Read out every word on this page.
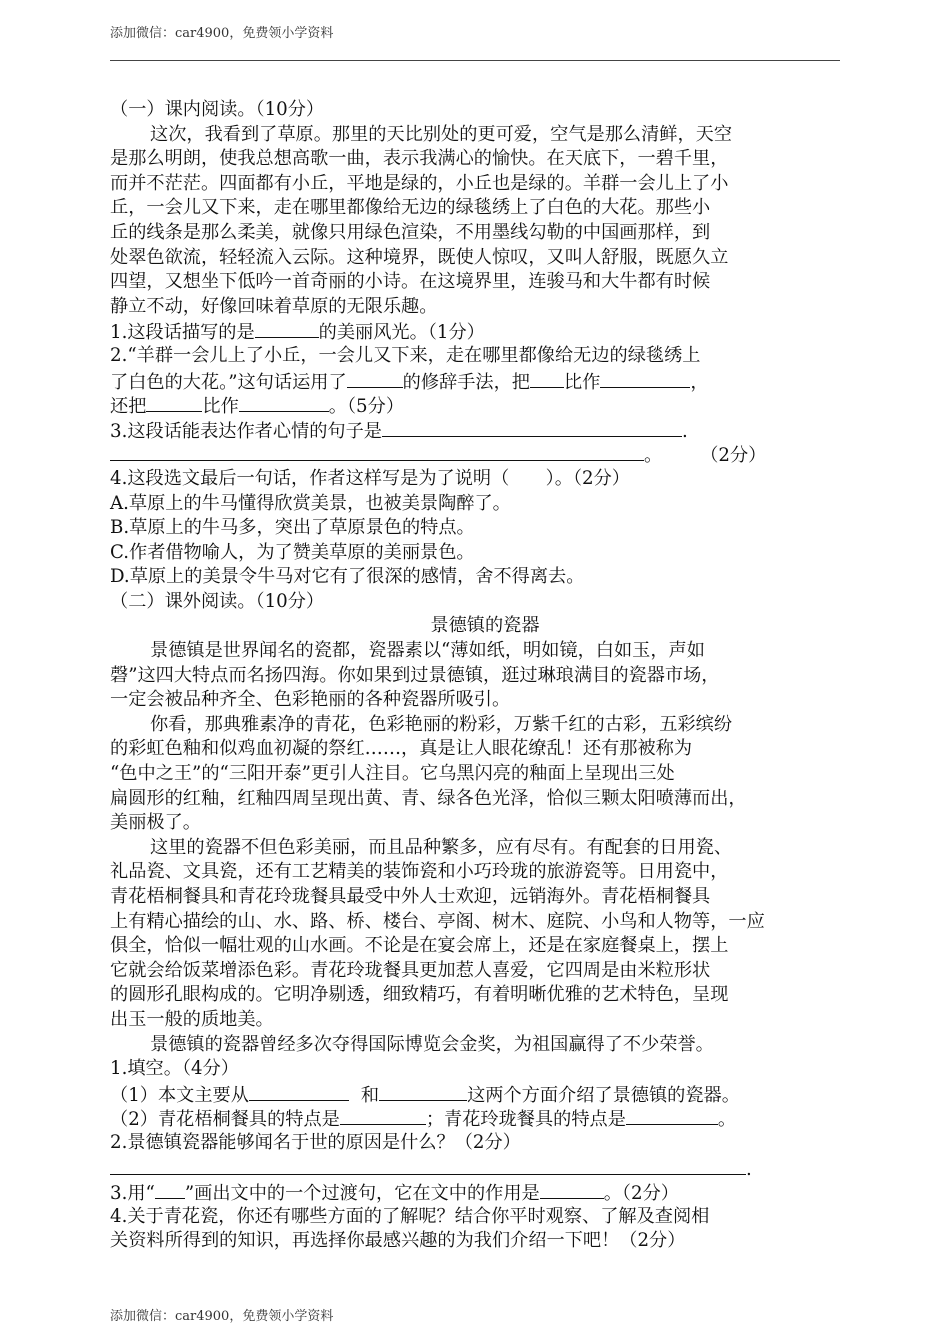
添加微信：car4900，免费领小学资料
（一）课内阅读。（10分）
这次，我看到了草原。那里的天比别处的更可爱，空气是那么清鲜，天空
是那么明朗，使我总想高歌一曲，表示我满心的愉快。在天底下，一碧千里，
而并不茫茫。四面都有小丘，平地是绿的，小丘也是绿的。羊群一会儿上了小
丘，一会儿又下来，走在哪里都像给无边的绿毯绣上了白色的大花。那些小
丘的线条是那么柔美，就像只用绿色渲染，不用墨线勾勒的中国画那样，到
处翠色欲流，轻轻流入云际。这种境界，既使人惊叹，又叫人舒服，既愿久立
四望，又想坐下低吟一首奇丽的小诗。在这境界里，连骏马和大牛都有时候
静立不动，好像回味着草原的无限乐趣。
1.这段话描写的是	的美丽风光。（1分）
2.“羊群一会儿上了小丘，一会儿又下来，走在哪里都像给无边的绿毯绣上
了白色的大花。”这句话运用了	的修辞手法，把 比作	，
还把	比作	。（5分）
3.这段话能表达作者心情的句子是	.
。 （2分）
4.这段选文最后一句话，作者这样写是为了说明（　　）。（2分）
A.草原上的牛马懂得欣赏美景，也被美景陶醉了。
B.草原上的牛马多，突出了草原景色的特点。
C.作者借物喻人，为了赞美草原的美丽景色。
D.草原上的美景令牛马对它有了很深的感情，舍不得离去。
（二）课外阅读。（10分）
景德镇的瓷器
景德镇是世界闻名的瓷都，瓷器素以“薄如纸，明如镜，白如玉，声如
磬”这四大特点而名扬四海。你如果到过景德镇，逛过琳琅满目的瓷器市场，
一定会被品种齐全、色彩艳丽的各种瓷器所吸引。
你看，那典雅素净的青花，色彩艳丽的粉彩，万紫千红的古彩，五彩缤纷
的彩虹色釉和似鸡血初凝的祭红……，真是让人眼花缭乱！还有那被称为
“色中之王”的“三阳开泰”更引人注目。它乌黑闪亮的釉面上呈现出三处
扁圆形的红釉，红釉四周呈现出黄、青、绿各色光泽，恰似三颗太阳喷薄而出，
美丽极了。
这里的瓷器不但色彩美丽，而且品种繁多，应有尽有。有配套的日用瓷、
礼品瓷、文具瓷，还有工艺精美的装饰瓷和小巧玲珑的旅游瓷等。日用瓷中，
青花梧桐餐具和青花玲珑餐具最受中外人士欢迎，远销海外。青花梧桐餐具
上有精心描绘的山、水、路、桥、楼台、亭阁、树木、庭院、小鸟和人物等，一应
俱全，恰似一幅壮观的山水画。不论是在宴会席上，还是在家庭餐桌上，摆上
它就会给饭菜增添色彩。青花玲珑餐具更加惹人喜爱，它四周是由米粒形状
的圆形孔眼构成的。它明净剔透，细致精巧，有着明晰优雅的艺术特色，呈现
出玉一般的质地美。
景德镇的瓷器曾经多次夺得国际博览会金奖，为祖国赢得了不少荣誉。
1.填空。（4分）
（1）本文主要从	和	这两个方面介绍了景德镇的瓷器。
（2）青花梧桐餐具的特点是	；青花玲珑餐具的特点是	。
2.景德镇瓷器能够闻名于世的原因是什么？（2分）
.
3.用“ ”画出文中的一个过渡句，它在文中的作用是	。（2分）
4.关于青花瓷，你还有哪些方面的了解呢？结合你平时观察、了解及查阅相
关资料所得到的知识，再选择你最感兴趣的为我们介绍一下吧！（2分）
添加微信：car4900，免费领小学资料
